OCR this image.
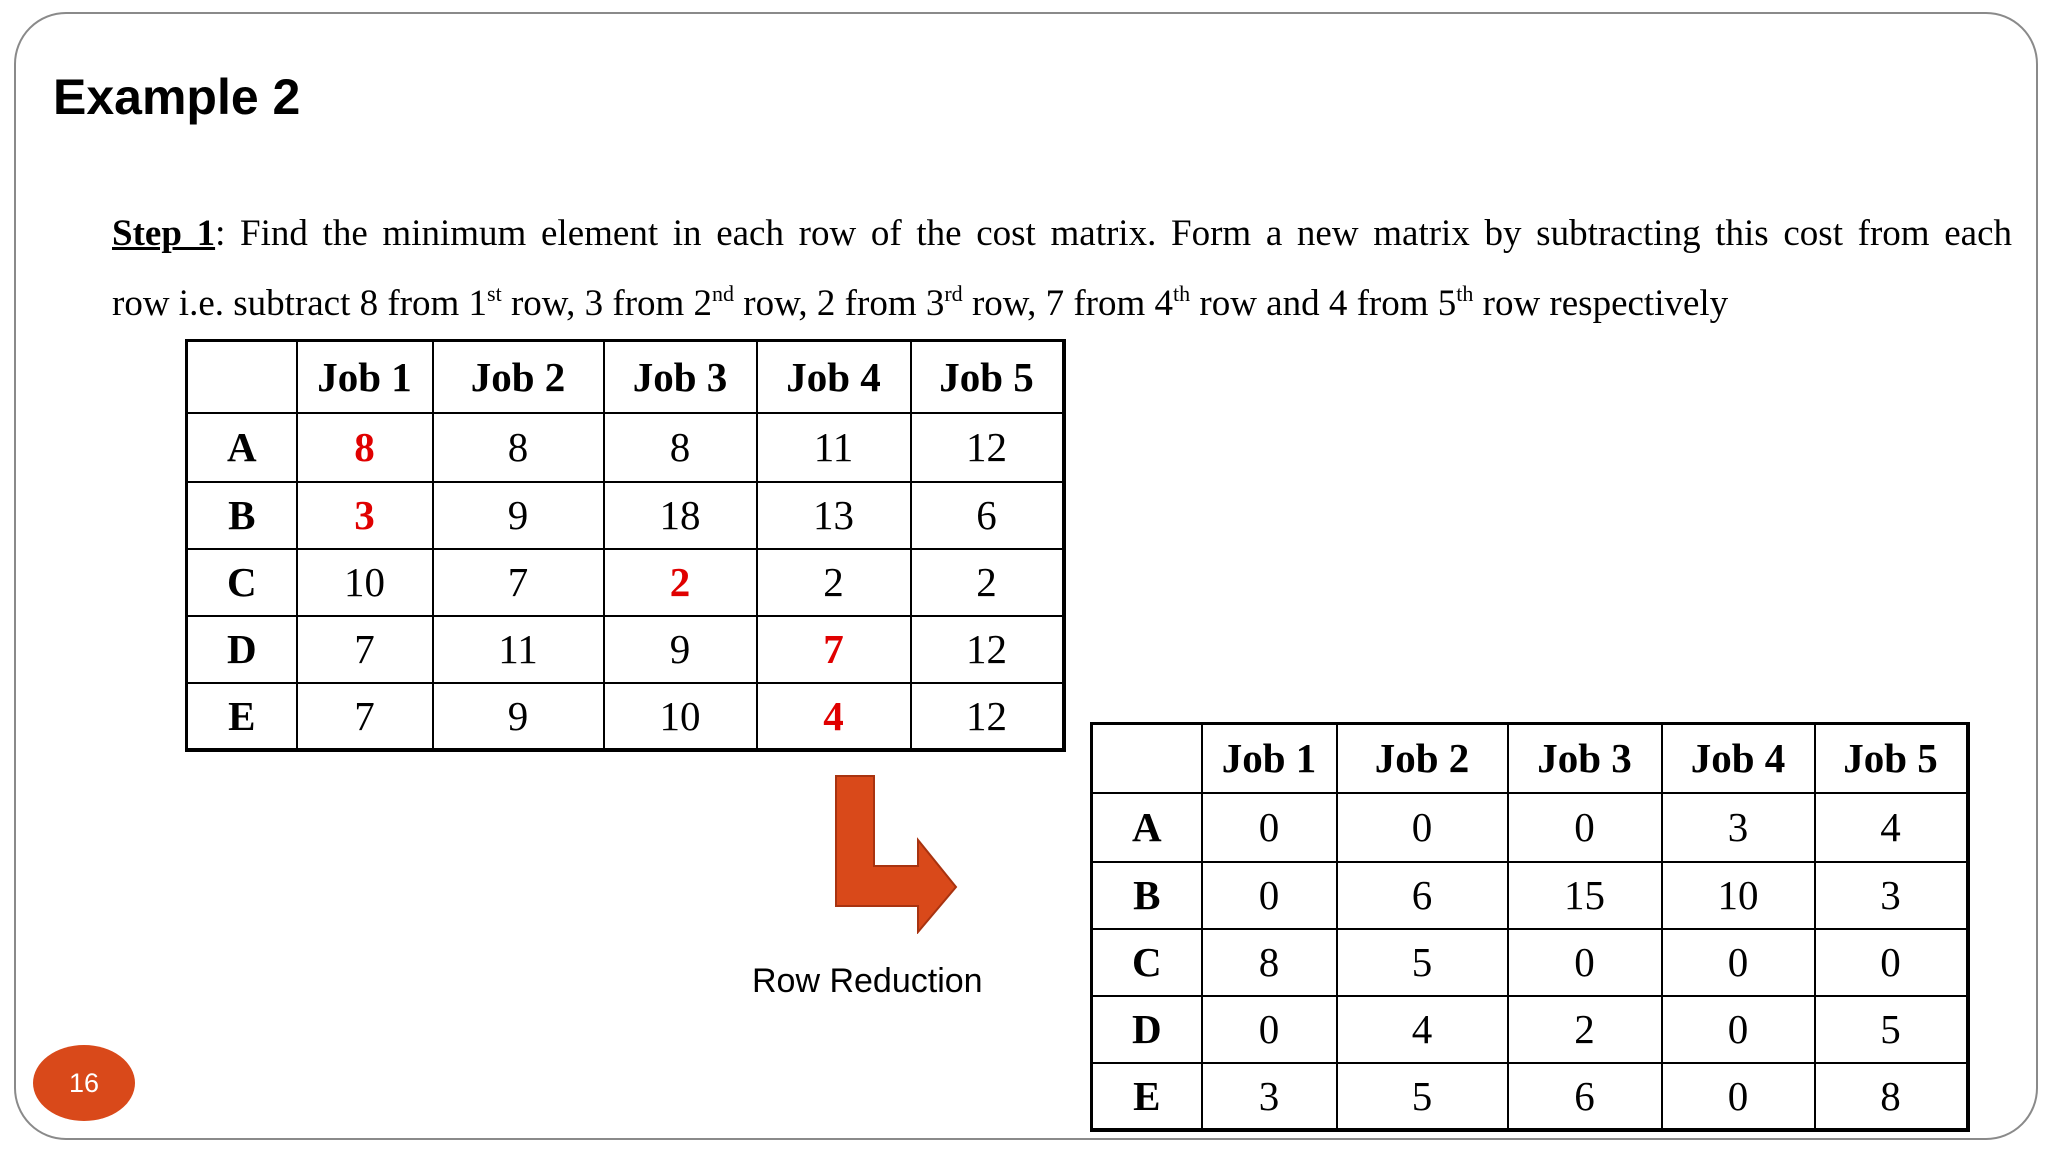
Example 2
Step 1: Find the minimum element in each row of the cost matrix. Form a new matrix by subtracting this cost from each
row i.e. subtract 8 from 1st row, 3 from 2nd row, 2 from 3rd row, 7 from 4th row and 4 from 5th row respectively
	Job 1	Job 2	Job 3	Job 4	Job 5
A	8	8	8	11	12
B	3	9	18	13	6
C	10	7	2	2	2
D	7	11	9	7	12
E	7	9	10	4	12
Row Reduction
	Job 1	Job 2	Job 3	Job 4	Job 5
A	0	0	0	3	4
B	0	6	15	10	3
C	8	5	0	0	0
D	0	4	2	0	5
E	3	5	6	0	8
16
